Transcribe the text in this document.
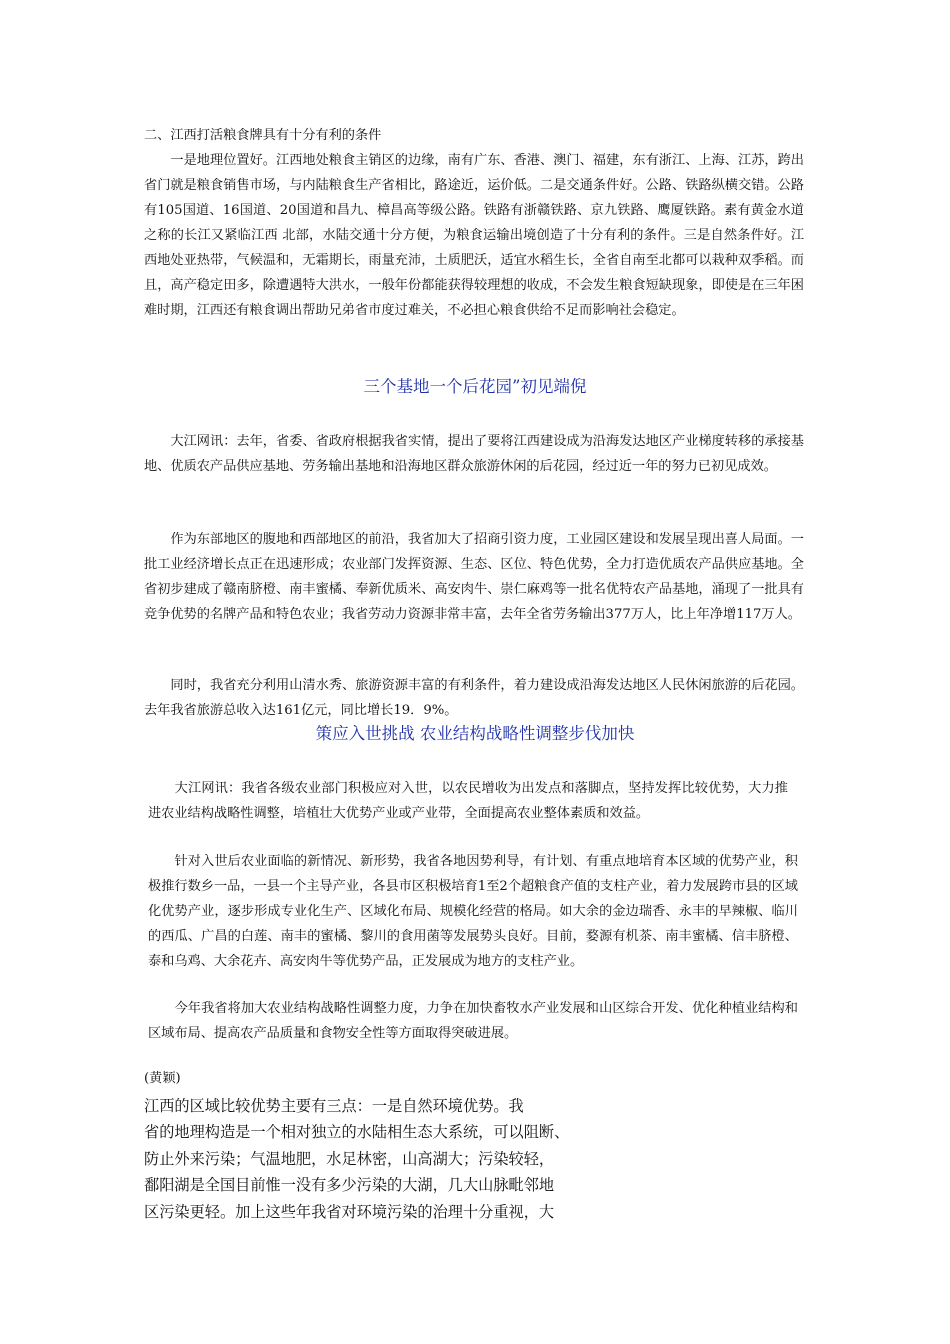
二、江西打活粮食牌具有十分有利的条件

　　一是地理位置好。江西地处粮食主销区的边缘，南有广东、香港、澳门、福建，东有浙江、上海、江苏，跨出省门就是粮食销售市场，与内陆粮食生产省相比，路途近，运价低。二是交通条件好。公路、铁路纵横交错。公路有105国道、16国道、20国道和昌九、樟昌高等级公路。铁路有浙赣铁路、京九铁路、鹰厦铁路。素有黄金水道之称的长江又紧临江西 北部，水陆交通十分方便，为粮食运输出境创造了十分有利的条件。三是自然条件好。江西地处亚热带，气候温和，无霜期长，雨量充沛，土质肥沃，适宜水稻生长，全省自南至北都可以栽种双季稻。而且，高产稳定田多，除遭遇特大洪水，一般年份都能获得较理想的收成，不会发生粮食短缺现象，即使是在三年困难时期，江西还有粮食调出帮助兄弟省市度过难关，不必担心粮食供给不足而影响社会稳定。

三个基地一个后花园”初见端倪

　　大江网讯：去年，省委、省政府根据我省实情，提出了要将江西建设成为沿海发达地区产业梯度转移的承接基地、优质农产品供应基地、劳务输出基地和沿海地区群众旅游休闲的后花园，经过近一年的努力已初见成效。

　　作为东部地区的腹地和西部地区的前沿，我省加大了招商引资力度，工业园区建设和发展呈现出喜人局面。一批工业经济增长点正在迅速形成；农业部门发挥资源、生态、区位、特色优势，全力打造优质农产品供应基地。全省初步建成了赣南脐橙、南丰蜜橘、奉新优质米、高安肉牛、崇仁麻鸡等一批名优特农产品基地，涌现了一批具有竞争优势的名牌产品和特色农业；我省劳动力资源非常丰富，去年全省劳务输出377万人，比上年净增117万人。

　　同时，我省充分利用山清水秀、旅游资源丰富的有利条件，着力建设成沿海发达地区人民休闲旅游的后花园。去年我省旅游总收入达161亿元，同比增长19．9%。

策应入世挑战 农业结构战略性调整步伐加快

　　大江网讯：我省各级农业部门积极应对入世，以农民增收为出发点和落脚点，坚持发挥比较优势，大力推进农业结构战略性调整，培植壮大优势产业或产业带，全面提高农业整体素质和效益。

　　针对入世后农业面临的新情况、新形势，我省各地因势利导，有计划、有重点地培育本区域的优势产业，积极推行数乡一品，一县一个主导产业，各县市区积极培育1至2个超粮食产值的支柱产业，着力发展跨市县的区域化优势产业，逐步形成专业化生产、区域化布局、规模化经营的格局。如大余的金边瑞香、永丰的早辣椒、临川的西瓜、广昌的白莲、南丰的蜜橘、黎川的食用菌等发展势头良好。目前，婺源有机茶、南丰蜜橘、信丰脐橙、泰和乌鸡、大余花卉、高安肉牛等优势产品，正发展成为地方的支柱产业。

　　今年我省将加大农业结构战略性调整力度，力争在加快畜牧水产业发展和山区综合开发、优化种植业结构和区域布局、提高农产品质量和食物安全性等方面取得突破进展。

(黄颖)

江西的区域比较优势主要有三点：一是自然环境优势。我
省的地理构造是一个相对独立的水陆相生态大系统，可以阻断、
防止外来污染；气温地肥，水足林密，山高湖大；污染较轻，
鄱阳湖是全国目前惟一没有多少污染的大湖，几大山脉毗邻地
区污染更轻。加上这些年我省对环境污染的治理十分重视，大
